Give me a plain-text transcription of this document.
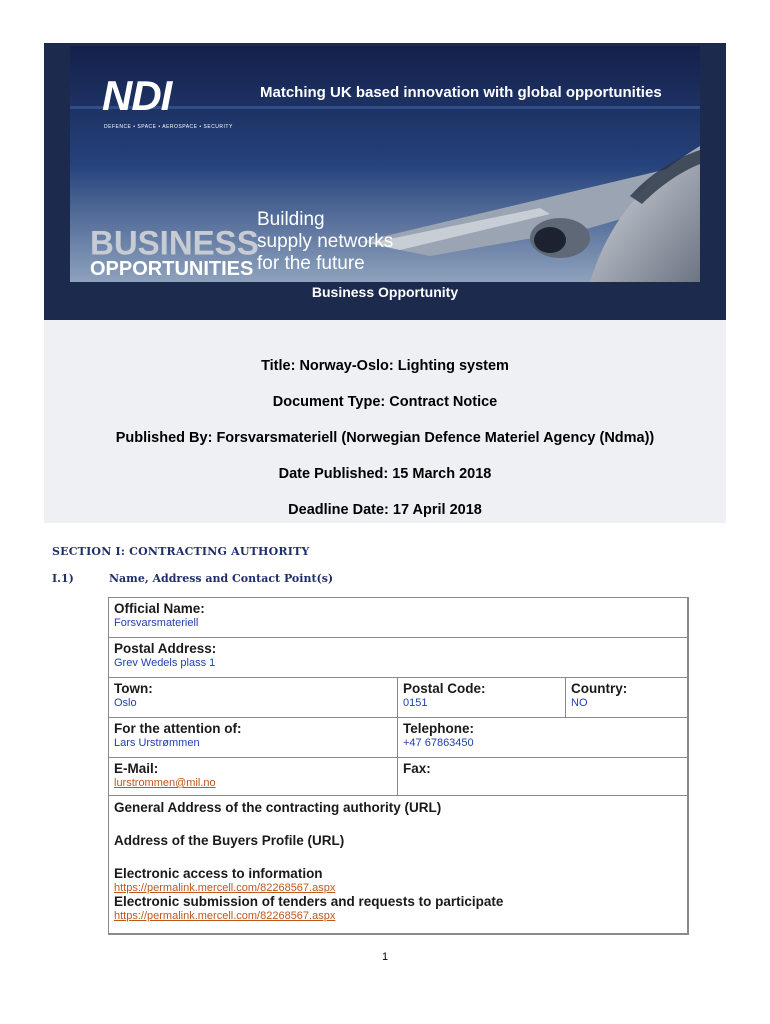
NDI
DEFENCE • SPACE • AEROSPACE • SECURITY
Matching UK based innovation with global opportunities
BUSINESS
OPPORTUNITIES
Building
supply networks
for the future
Business Opportunity
Title: Norway-Oslo: Lighting system
Document Type: Contract Notice
Published By: Forsvarsmateriell (Norwegian Defence Materiel Agency (Ndma))
Date Published: 15 March 2018
Deadline Date: 17 April 2018
SECTION I: CONTRACTING AUTHORITY
I.1)	Name, Address and Contact Point(s)
Official Name:
Forsvarsmateriell
Postal Address:
Grev Wedels plass 1
Town:
Oslo
Postal Code:
0151
Country:
NO
For the attention of:
Lars Urstrømmen
Telephone:
+47 67863450
E-Mail:
lurstrommen@mil.no
Fax:
General Address of the contracting authority (URL)
Address of the Buyers Profile (URL)
Electronic access to information
https://permalink.mercell.com/82268567.aspx
Electronic submission of tenders and requests to participate
https://permalink.mercell.com/82268567.aspx
1
